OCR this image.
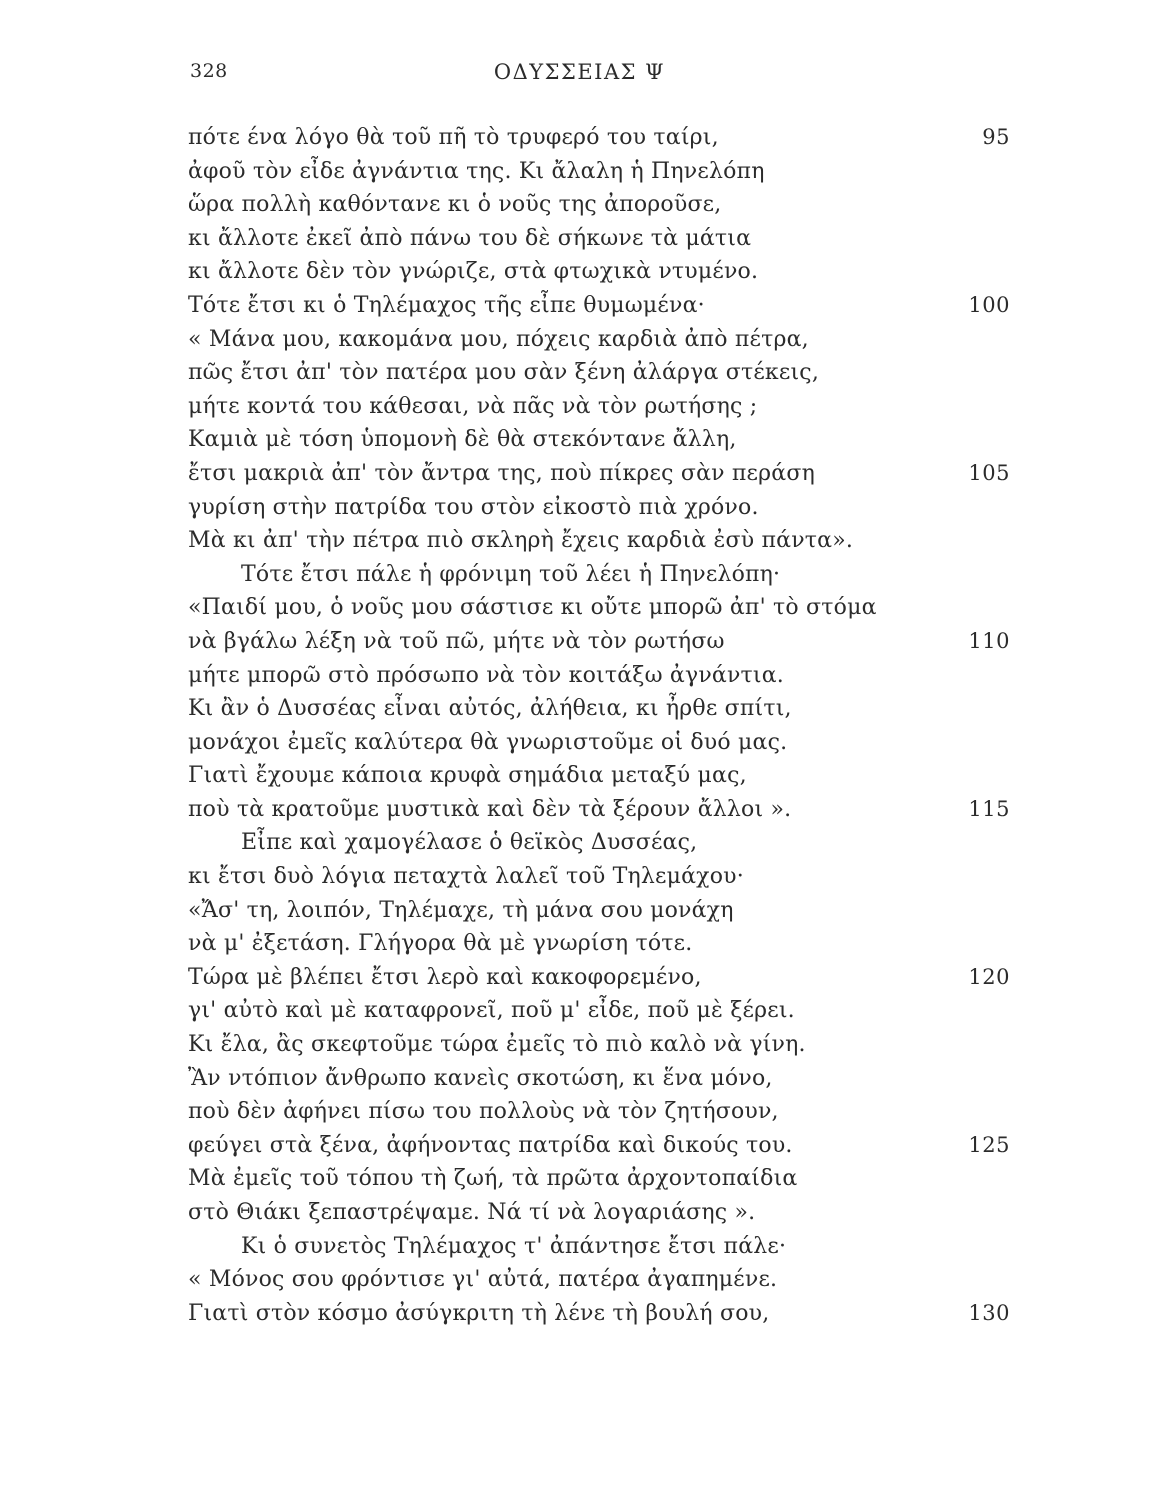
328	ΟΔΥΣΣΕΙΑΣ Ψ
πότε ένα λόγο θὰ τοῦ πῆ τὸ τρυφερό του ταίρι,	95
ἀφοῦ τὸν εἶδε ἀγνάντια της. Κι ἄλαλη ἡ Πηνελόπη
ὥρα πολλὴ καθόντανε κι ὁ νοῦς της ἀποροῦσε,
κι ἄλλοτε ἐκεῖ ἀπὸ πάνω του δὲ σήκωνε τὰ μάτια
κι ἄλλοτε δὲν τὸν γνώριζε, στὰ φτωχικὰ ντυμένο.
Τότε ἔτσι κι ὁ Τηλέμαχος τῆς εἶπε θυμωμένα·	100
« Μάνα μου, κακομάνα μου, πόχεις καρδιὰ ἀπὸ πέτρα,
πῶς ἔτσι ἀπ' τὸν πατέρα μου σὰν ξένη ἀλάργα στέκεις,
μήτε κοντά του κάθεσαι, νὰ πᾶς νὰ τὸν ρωτήσης ;
Καμιὰ μὲ τόση ὑπομονὴ δὲ θὰ στεκόντανε ἄλλη,
ἔτσι μακριὰ ἀπ' τὸν ἄντρα της, ποὺ πίκρες σὰν περάση	105
γυρίση στὴν πατρίδα του στὸν εἰκοστὸ πιὰ χρόνο.
Μὰ κι ἀπ' τὴν πέτρα πιὸ σκληρὴ ἔχεις καρδιὰ ἐσὺ πάντα».
Τότε ἔτσι πάλε ἡ φρόνιμη τοῦ λέει ἡ Πηνελόπη·
«Παιδί μου, ὁ νοῦς μου σάστισε κι οὔτε μπορῶ ἀπ' τὸ στόμα
νὰ βγάλω λέξη νὰ τοῦ πῶ, μήτε νὰ τὸν ρωτήσω	110
μήτε μπορῶ στὸ πρόσωπο νὰ τὸν κοιτάξω ἀγνάντια.
Κι ἂν ὁ Δυσσέας εἶναι αὐτός, ἀλήθεια, κι ἦρθε σπίτι,
μονάχοι ἐμεῖς καλύτερα θὰ γνωριστοῦμε οἱ δυό μας.
Γιατὶ ἔχουμε κάποια κρυφὰ σημάδια μεταξύ μας,
ποὺ τὰ κρατοῦμε μυστικὰ καὶ δὲν τὰ ξέρουν ἄλλοι ».	115
Εἶπε καὶ χαμογέλασε ὁ θεϊκὸς Δυσσέας,
κι ἔτσι δυὸ λόγια πεταχτὰ λαλεῖ τοῦ Τηλεμάχου·
«Ἄσ' τη, λοιπόν, Τηλέμαχε, τὴ μάνα σου μονάχη
νὰ μ' ἐξετάση. Γλήγορα θὰ μὲ γνωρίση τότε.
Τώρα μὲ βλέπει ἔτσι λερὸ καὶ κακοφορεμένο,	120
γι' αὐτὸ καὶ μὲ καταφρονεῖ, ποῦ μ' εἶδε, ποῦ μὲ ξέρει.
Κι ἔλα, ἂς σκεφτοῦμε τώρα ἐμεῖς τὸ πιὸ καλὸ νὰ γίνη.
Ἂν ντόπιον ἄνθρωπο κανεὶς σκοτώση, κι ἕνα μόνο,
ποὺ δὲν ἀφήνει πίσω του πολλοὺς νὰ τὸν ζητήσουν,
φεύγει στὰ ξένα, ἀφήνοντας πατρίδα καὶ δικούς του.	125
Μὰ ἐμεῖς τοῦ τόπου τὴ ζωή, τὰ πρῶτα ἀρχοντοπαίδια
στὸ Θιάκι ξεπαστρέψαμε. Νά τί νὰ λογαριάσης ».
Κι ὁ συνετὸς Τηλέμαχος τ' ἀπάντησε ἔτσι πάλε·
« Μόνος σου φρόντισε γι' αὐτά, πατέρα ἀγαπημένε.
Γιατὶ στὸν κόσμο ἀσύγκριτη τὴ λένε τὴ βουλή σου,	130
